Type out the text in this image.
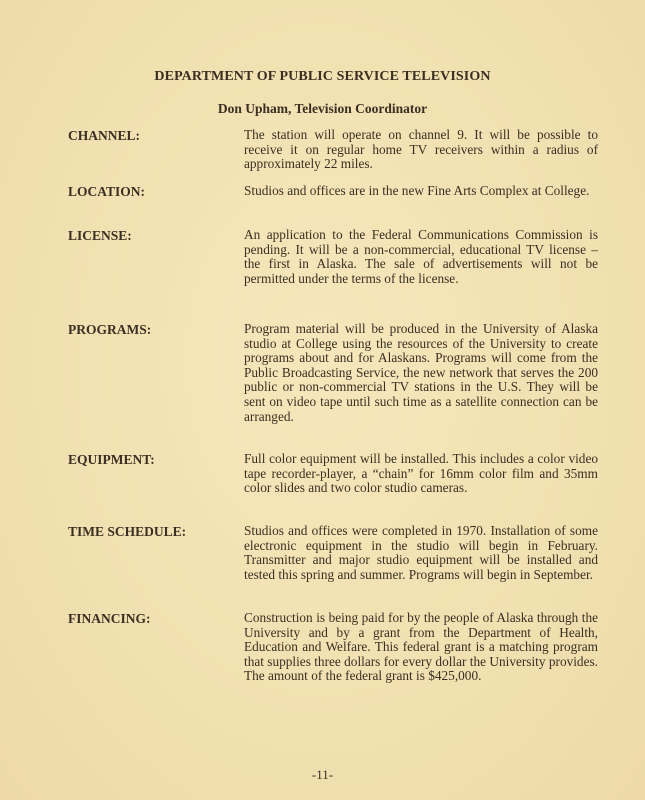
DEPARTMENT OF PUBLIC SERVICE TELEVISION
Don Upham, Television Coordinator
CHANNEL:	The station will operate on channel 9. It will be possible to receive it on regular home TV receivers within a radius of approximately 22 miles.
LOCATION:	Studios and offices are in the new Fine Arts Complex at College.
LICENSE:	An application to the Federal Communications Commission is pending. It will be a non-commercial, educational TV license – the first in Alaska. The sale of advertisements will not be permitted under the terms of the license.
PROGRAMS:	Program material will be produced in the University of Alaska studio at College using the resources of the University to create programs about and for Alaskans. Programs will come from the Public Broadcasting Service, the new network that serves the 200 public or non-commercial TV stations in the U.S. They will be sent on video tape until such time as a satellite connection can be arranged.
EQUIPMENT:	Full color equipment will be installed. This includes a color video tape recorder-player, a “chain” for 16mm color film and 35mm color slides and two color studio cameras.
TIME SCHEDULE:	Studios and offices were completed in 1970. Installation of some electronic equipment in the studio will begin in February. Transmitter and major studio equipment will be installed and tested this spring and summer. Programs will begin in September.
FINANCING:	Construction is being paid for by the people of Alaska through the University and by a grant from the Department of Health, Education and Welfare. This federal grant is a matching program that supplies three dollars for every dollar the University provides. The amount of the federal grant is $425,000.
-11-
